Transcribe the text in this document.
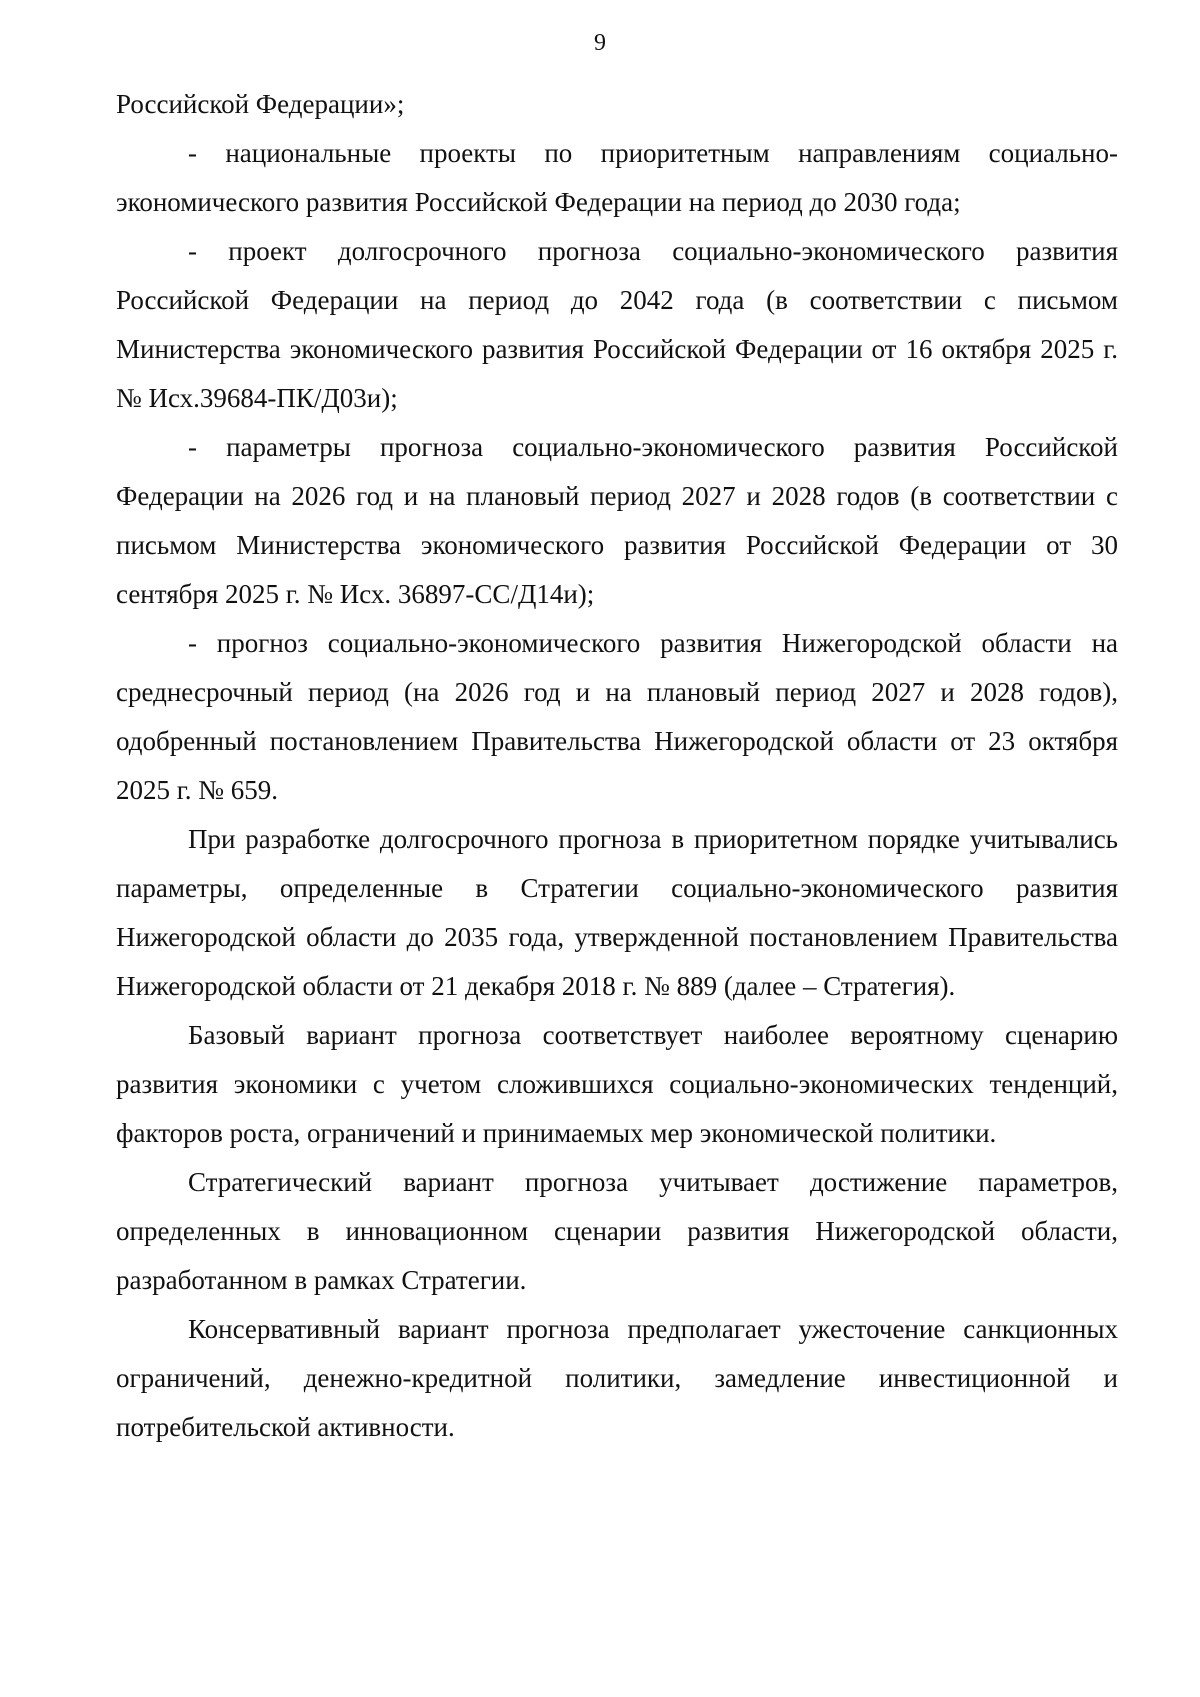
9

Российской Федерации»;

- национальные проекты по приоритетным направлениям социально-экономического развития Российской Федерации на период до 2030 года;

- проект долгосрочного прогноза социально-экономического развития Российской Федерации на период до 2042 года (в соответствии с письмом Министерства экономического развития Российской Федерации от 16 октября 2025 г. № Исх.39684-ПК/Д03и);

- параметры прогноза социально-экономического развития Российской Федерации на 2026 год и на плановый период 2027 и 2028 годов (в соответствии с письмом Министерства экономического развития Российской Федерации от 30 сентября 2025 г. № Исх. 36897-СС/Д14и);

- прогноз социально-экономического развития Нижегородской области на среднесрочный период (на 2026 год и на плановый период 2027 и 2028 годов), одобренный постановлением Правительства Нижегородской области от 23 октября 2025 г. № 659.

При разработке долгосрочного прогноза в приоритетном порядке учитывались параметры, определенные в Стратегии социально-экономического развития Нижегородской области до 2035 года, утвержденной постановлением Правительства Нижегородской области от 21 декабря 2018 г. № 889 (далее – Стратегия).

Базовый вариант прогноза соответствует наиболее вероятному сценарию развития экономики с учетом сложившихся социально-экономических тенденций, факторов роста, ограничений и принимаемых мер экономической политики.

Стратегический вариант прогноза учитывает достижение параметров, определенных в инновационном сценарии развития Нижегородской области, разработанном в рамках Стратегии.

Консервативный вариант прогноза предполагает ужесточение санкционных ограничений, денежно-кредитной политики, замедление инвестиционной и потребительской активности.
